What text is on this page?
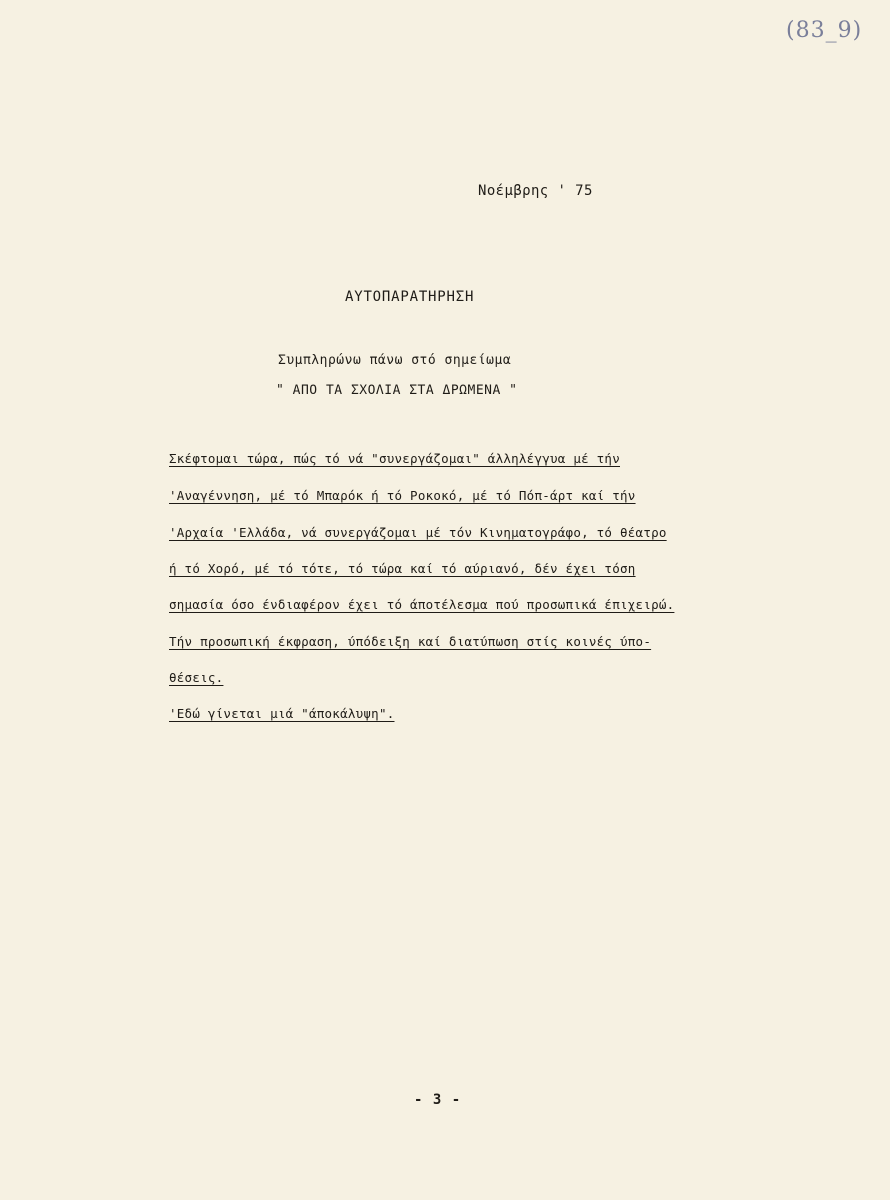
(83_9)
Νοέμβρης ' 75
ΑΥΤΟΠΑΡΑΤΗΡΗΣΗ
Συμπληρώνω πάνω στό σημείωμα
" ΑΠΟ ΤΑ ΣΧΟΛΙΑ ΣΤΑ ΔΡΩΜΕΝΑ "
Σκέφτομαι τώρα, πώς τό νά "συνεργάζομαι" άλληλέγγυα μέ τήν
'Αναγέννηση, μέ τό Μπαρόκ ή τό Ροκοκό, μέ τό Πόπ-άρτ καί τήν
'Αρχαία 'Ελλάδα, νά συνεργάζομαι μέ τόν Κινηματογράφο, τό θέατρο
ή τό Χορό, μέ τό τότε, τό τώρα καί τό αύριανό, δέν έχει τόση
σημασία όσο ένδιαφέρον έχει τό άποτέλεσμα πού προσωπικά έπιχειρώ.
Τήν προσωπική έκφραση, ύπόδειξη καί διατύπωση στίς κοινές ύπο-
θέσεις.
'Εδώ γίνεται μιά "άποκάλυψη".
- 3 -
